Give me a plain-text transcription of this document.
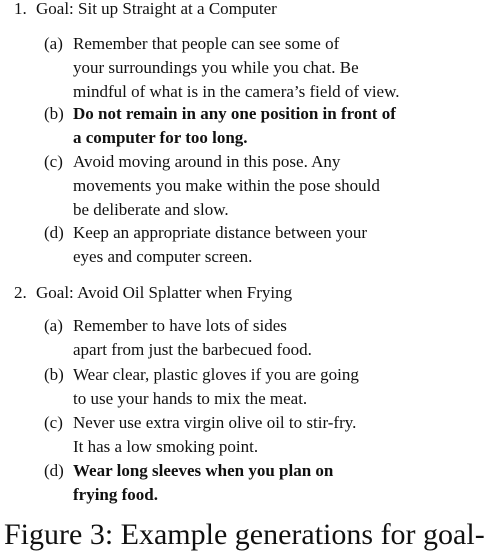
1. Goal: Sit up Straight at a Computer
(a) Remember that people can see some of
your surroundings you while you chat. Be
mindful of what is in the camera’s field of view.
(b) Do not remain in any one position in front of
a computer for too long.
(c) Avoid moving around in this pose. Any
movements you make within the pose should
be deliberate and slow.
(d) Keep an appropriate distance between your
eyes and computer screen.
2. Goal: Avoid Oil Splatter when Frying
(a) Remember to have lots of sides
apart from just the barbecued food.
(b) Wear clear, plastic gloves if you are going
to use your hands to mix the meat.
(c) Never use extra virgin olive oil to stir-fry.
It has a low smoking point.
(d) Wear long sleeves when you plan on
frying food.
Figure 3: Example generations for goal-
